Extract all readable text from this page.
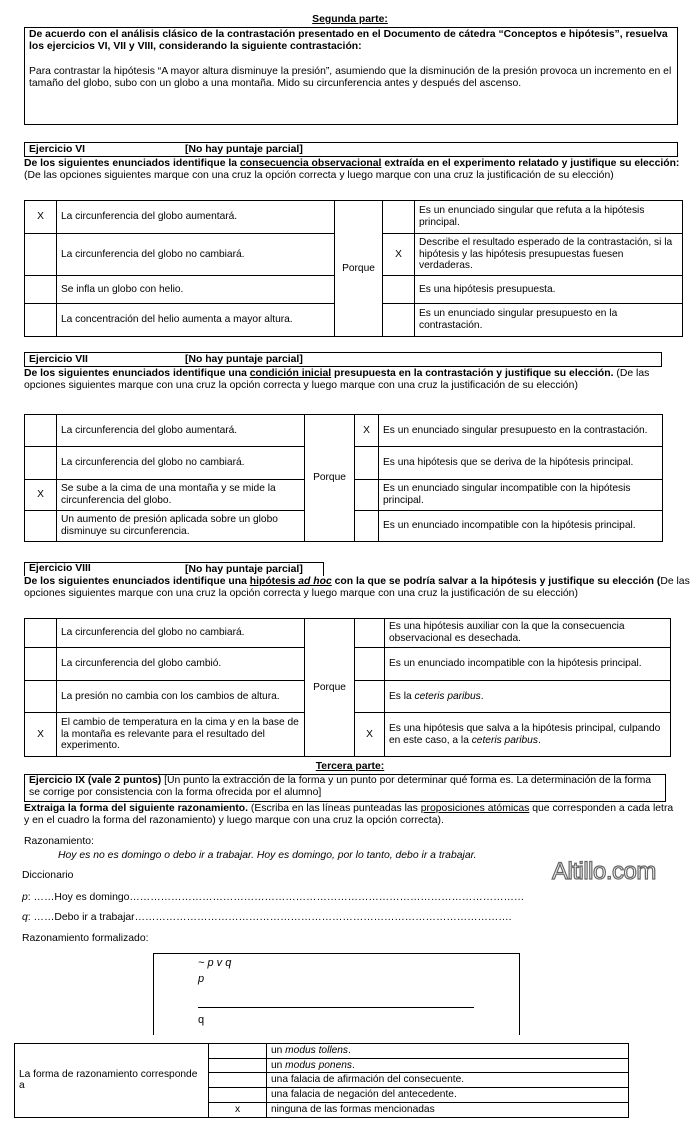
Segunda parte:
De acuerdo con el análisis clásico de la contrastación presentado en el Documento de cátedra “Conceptos e hipótesis”, resuelva los ejercicios VI, VII y VIII, considerando la siguiente contrastación:
Para contrastar la hipótesis “A mayor altura disminuye la presión”, asumiendo que la disminución de la presión provoca un incremento en el tamaño del globo, subo con un globo a una montaña. Mido su circunferencia antes y después del ascenso.
Ejercicio VI	[No hay puntaje parcial]
De los siguientes enunciados identifique la consecuencia observacional extraída en el experimento relatado y justifique su elección: (De las opciones siguientes marque con una cruz la opción correcta y luego marque con una cruz la justificación de su elección)
X	La circunferencia del globo aumentará.	Porque		Es un enunciado singular que refuta a la hipótesis principal.
	La circunferencia del globo no cambiará.		X	Describe el resultado esperado de la contrastación, si la hipótesis y las hipótesis presupuestas fuesen verdaderas.
	Se infla un globo con helio.			Es una hipótesis presupuesta.
	La concentración del helio aumenta a mayor altura.			Es un enunciado singular presupuesto en la contrastación.
Ejercicio VII	[No hay puntaje parcial]
De los siguientes enunciados identifique una condición inicial presupuesta en la contrastación y justifique su elección. (De las opciones siguientes marque con una cruz la opción correcta y luego marque con una cruz la justificación de su elección)
	La circunferencia del globo aumentará.	Porque	X	Es un enunciado singular presupuesto en la contrastación.
	La circunferencia del globo no cambiará.			Es una hipótesis que se deriva de la hipótesis principal.
X	Se sube a la cima de una montaña y se mide la circunferencia del globo.			Es un enunciado singular incompatible con la hipótesis principal.
	Un aumento de presión aplicada sobre un globo disminuye su circunferencia.			Es un enunciado incompatible con la hipótesis principal.
Ejercicio VIII	[No hay puntaje parcial]
De los siguientes enunciados identifique una hipótesis ad hoc con la que se podría salvar a la hipótesis y justifique su elección (De las opciones siguientes marque con una cruz la opción correcta y luego marque con una cruz la justificación de su elección)
	La circunferencia del globo no cambiará.	Porque		Es una hipótesis auxiliar con la que la consecuencia observacional es desechada.
	La circunferencia del globo cambió.			Es un enunciado incompatible con la hipótesis principal.
	La presión no cambia con los cambios de altura.			Es la ceteris paribus.
X	El cambio de temperatura en la cima y en la base de la montaña es relevante para el resultado del experimento.		X	Es una hipótesis que salva a la hipótesis principal, culpando en este caso, a la ceteris paribus.
Tercera parte:
Ejercicio IX (vale 2 puntos) [Un punto la extracción de la forma y un punto por determinar qué forma es. La determinación de la forma se corrige por consistencia con la forma ofrecida por el alumno]
Extraiga la forma del siguiente razonamiento. (Escriba en las líneas punteadas las proposiciones atómicas que corresponden a cada letra y en el cuadro la forma del razonamiento) y luego marque con una cruz la opción correcta).
Razonamiento:
Hoy es no es domingo o debo ir a trabajar. Hoy es domingo, por lo tanto, debo ir a trabajar.
Altillo.com
Diccionario
p: ……Hoy es domingo……………………………………………………………………………………………………
q: ……Debo ir a trabajar……………………………………………………………………………………………….
Razonamiento formalizado:
~ p v q
p
q
La forma de razonamiento corresponde a		un modus tollens.
		un modus ponens.
		una falacia de afirmación del consecuente.
		una falacia de negación del antecedente.
	x	ninguna de las formas mencionadas
